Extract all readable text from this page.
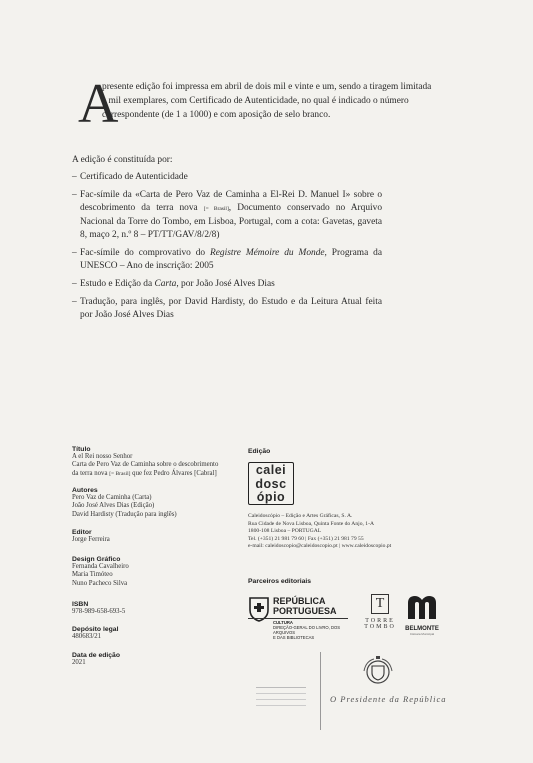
A
presente edição foi impressa em abril de dois mil e vinte e um, sendo a tiragem limitada
a mil exemplares, com Certificado de Autenticidade, no qual é indicado o número
correspondente (de 1 a 1000) e com aposição de selo branco.
A edição é constituída por:
– Certificado de Autenticidade
– Fac-símile da «Carta de Pero Vaz de Caminha a El-Rei D. Manuel I» sobre o descobrimento da terra nova [= Brasil], Documento conservado no Arquivo Nacional da Torre do Tombo, em Lisboa, Portugal, com a cota: Gavetas, gaveta 8, maço 2, n.º 8 – PT/TT/GAV/8/2/8)
– Fac-símile do comprovativo do Registre Mémoire du Monde, Programa da UNESCO – Ano de inscrição: 2005
– Estudo e Edição da Carta, por João José Alves Dias
– Tradução, para inglês, por David Hardisty, do Estudo e da Leitura Atual feita por João José Alves Dias
Título
A el Rei nosso Senhor
Carta de Pero Vaz de Caminha sobre o descobrimento
da terra nova [= Brasil] que fez Pedro Álvares [Cabral]
Autores
Pero Vaz de Caminha (Carta)
João José Alves Dias (Edição)
David Hardisty (Tradução para inglês)
Editor
Jorge Ferreira
Design Gráfico
Fernanda Cavalheiro
Maria Timóteo
Nuno Pacheco Silva
ISBN
978-989-658-693-5
Depósito legal
480683/21
Data de edição
2021
Edição
calei
dosc
ópio
Caleidoscópio – Edição e Artes Gráficas, S. A.
Rua Cidade de Nova Lisboa, Quinta Fonte do Anjo, 1-A
1800-108 Lisboa – PORTUGAL
Tel. (+351) 21 981 79 60 | Fax (+351) 21 981 79 55
e-mail: caleidoscopio@caleidoscopio.pt | www.caleidoscopio.pt
Parceiros editoriais
REPÚBLICA
PORTUGUESA
CULTURA
DIREÇÃO-GERAL DO LIVRO, DOS ARQUIVOS
E DAS BIBLIOTECAS
T
TORRE
TOMBO	BELMONTE
Câmara Municipal
O Presidente da República
